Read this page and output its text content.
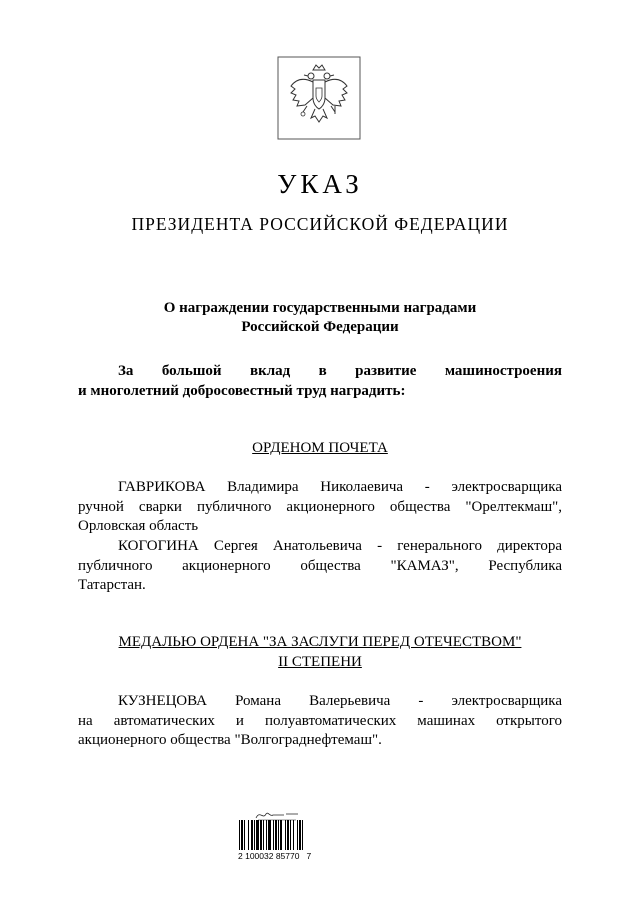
УКАЗ
ПРЕЗИДЕНТА РОССИЙСКОЙ ФЕДЕРАЦИИ
О награждении государственными наградами
Российской Федерации
За большой вклад в развитие машиностроения
и многолетний добросовестный труд наградить:
ОРДЕНОМ ПОЧЕТА
ГАВРИКОВА Владимира Николаевича - электросварщика
ручной сварки публичного акционерного общества "Орелтекмаш",
Орловская область
КОГОГИНА Сергея Анатольевича - генерального директора
публичного акционерного общества "КАМАЗ", Республика
Татарстан.
МЕДАЛЬЮ ОРДЕНА "ЗА ЗАСЛУГИ ПЕРЕД ОТЕЧЕСТВОМ"
II СТЕПЕНИ
КУЗНЕЦОВА Романа Валерьевича - электросварщика
на автоматических и полуавтоматических машинах открытого
акционерного общества "Волгограднефтемаш".
2 100032 85770   7
